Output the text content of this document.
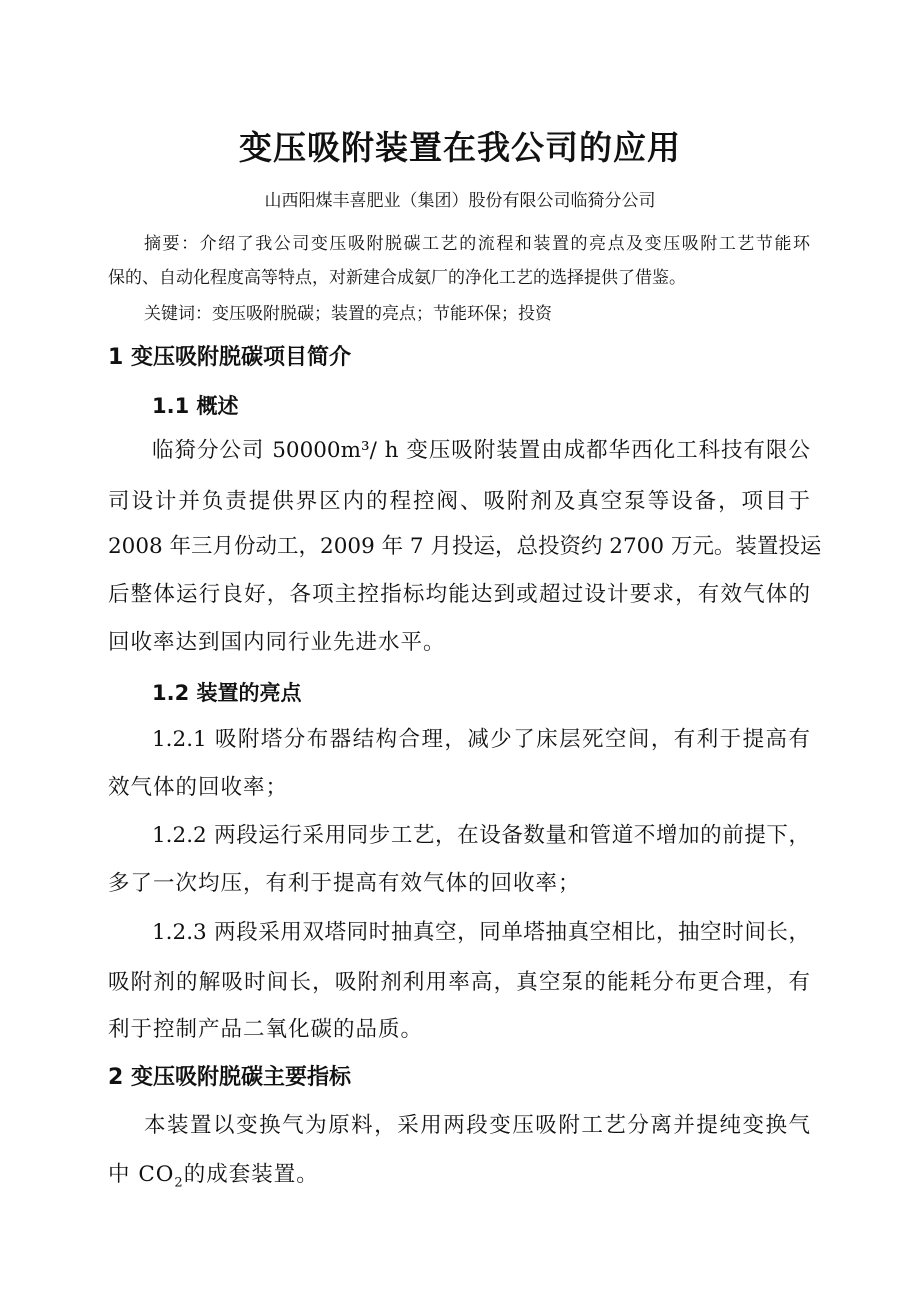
变压吸附装置在我公司的应用
山西阳煤丰喜肥业（集团）股份有限公司临猗分公司
摘要：介绍了我公司变压吸附脱碳工艺的流程和装置的亮点及变压吸附工艺节能环
保的、自动化程度高等特点，对新建合成氨厂的净化工艺的选择提供了借鉴。
关键词：变压吸附脱碳；装置的亮点；节能环保；投资
1 变压吸附脱碳项目简介
1.1 概述
临猗分公司 50000m³/ h 变压吸附装置由成都华西化工科技有限公
司设计并负责提供界区内的程控阀、吸附剂及真空泵等设备，项目于
2008 年三月份动工，2009 年 7 月投运，总投资约 2700 万元。装置投运
后整体运行良好，各项主控指标均能达到或超过设计要求，有效气体的
回收率达到国内同行业先进水平。
1.2 装置的亮点
1.2.1 吸附塔分布器结构合理，减少了床层死空间，有利于提高有
效气体的回收率；
1.2.2 两段运行采用同步工艺，在设备数量和管道不增加的前提下，
多了一次均压，有利于提高有效气体的回收率；
1.2.3 两段采用双塔同时抽真空，同单塔抽真空相比，抽空时间长，
吸附剂的解吸时间长，吸附剂利用率高，真空泵的能耗分布更合理，有
利于控制产品二氧化碳的品质。
2 变压吸附脱碳主要指标
本装置以变换气为原料，采用两段变压吸附工艺分离并提纯变换气
中 $CO_2$的成套装置。
